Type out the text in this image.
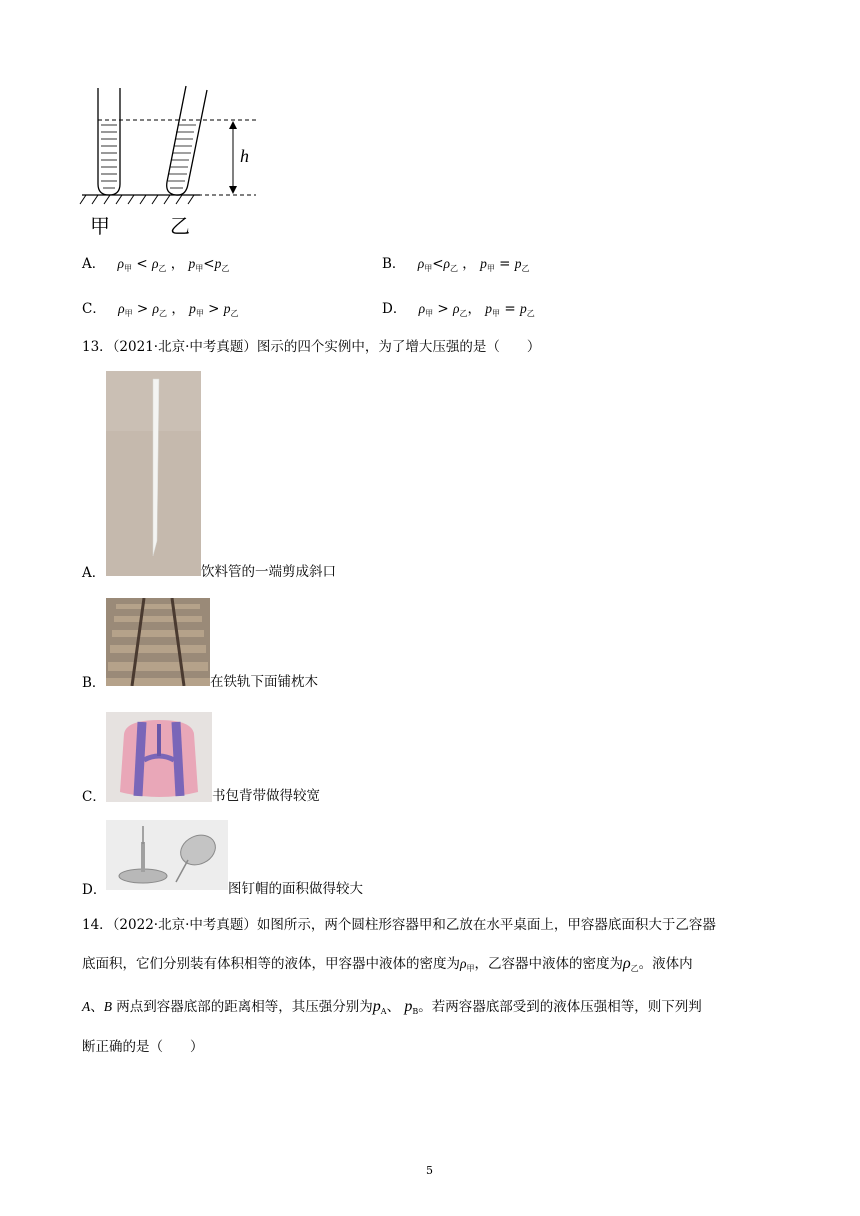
h
甲	乙
A． $\rho_甲 < \rho_乙$ ， $p_甲<p_乙$	B． $\rho_甲<\rho_乙$ ， $p_甲 = p_乙$
C． $\rho_甲 > \rho_乙$ ， $p_甲 > p_乙$	D． $\rho_甲 > \rho_乙$， $p_甲 = p_乙$
13．（2021·北京·中考真题）图示的四个实例中，为了增大压强的是（　　）
A．	饮料管的一端剪成斜口
B．	在铁轨下面铺枕木
C．	书包背带做得较宽
D．	图钉帽的面积做得较大
14．（2022·北京·中考真题）如图所示，两个圆柱形容器甲和乙放在水平桌面上，甲容器底面积大于乙容器
底面积，它们分别装有体积相等的液体，甲容器中液体的密度为$\rho_甲$，乙容器中液体的密度为$\rho_乙$。液体内
A、B 两点到容器底部的距离相等，其压强分别为$p_A$、 $p_B$。若两容器底部受到的液体压强相等，则下列判
断正确的是（　　）
5
